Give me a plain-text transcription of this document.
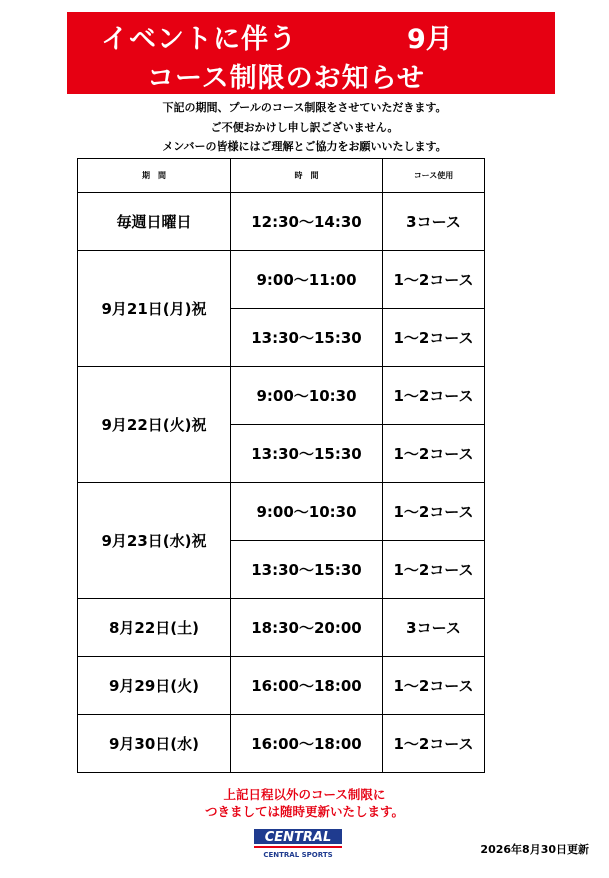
イベントに伴う	9月
コース制限のお知らせ
下記の期間、プールのコース制限をさせていただきます。
ご不便おかけし申し訳ございません。
メンバーの皆様にはご理解とご協力をお願いいたします。
期　間	時　間	コース使用
毎週日曜日	12:30～14:30	3コース
9月21日(月)祝	9:00～11:00	1～2コース
	13:30～15:30	1～2コース
9月22日(火)祝	9:00～10:30	1～2コース
	13:30～15:30	1～2コース
9月23日(水)祝	9:00～10:30	1～2コース
	13:30～15:30	1～2コース
8月22日(土)	18:30～20:00	3コース
9月29日(火)	16:00～18:00	1～2コース
9月30日(水)	16:00～18:00	1～2コース
上記日程以外のコース制限に
つきましては随時更新いたします。
CENTRAL
CENTRAL SPORTS	2026年8月30日更新
